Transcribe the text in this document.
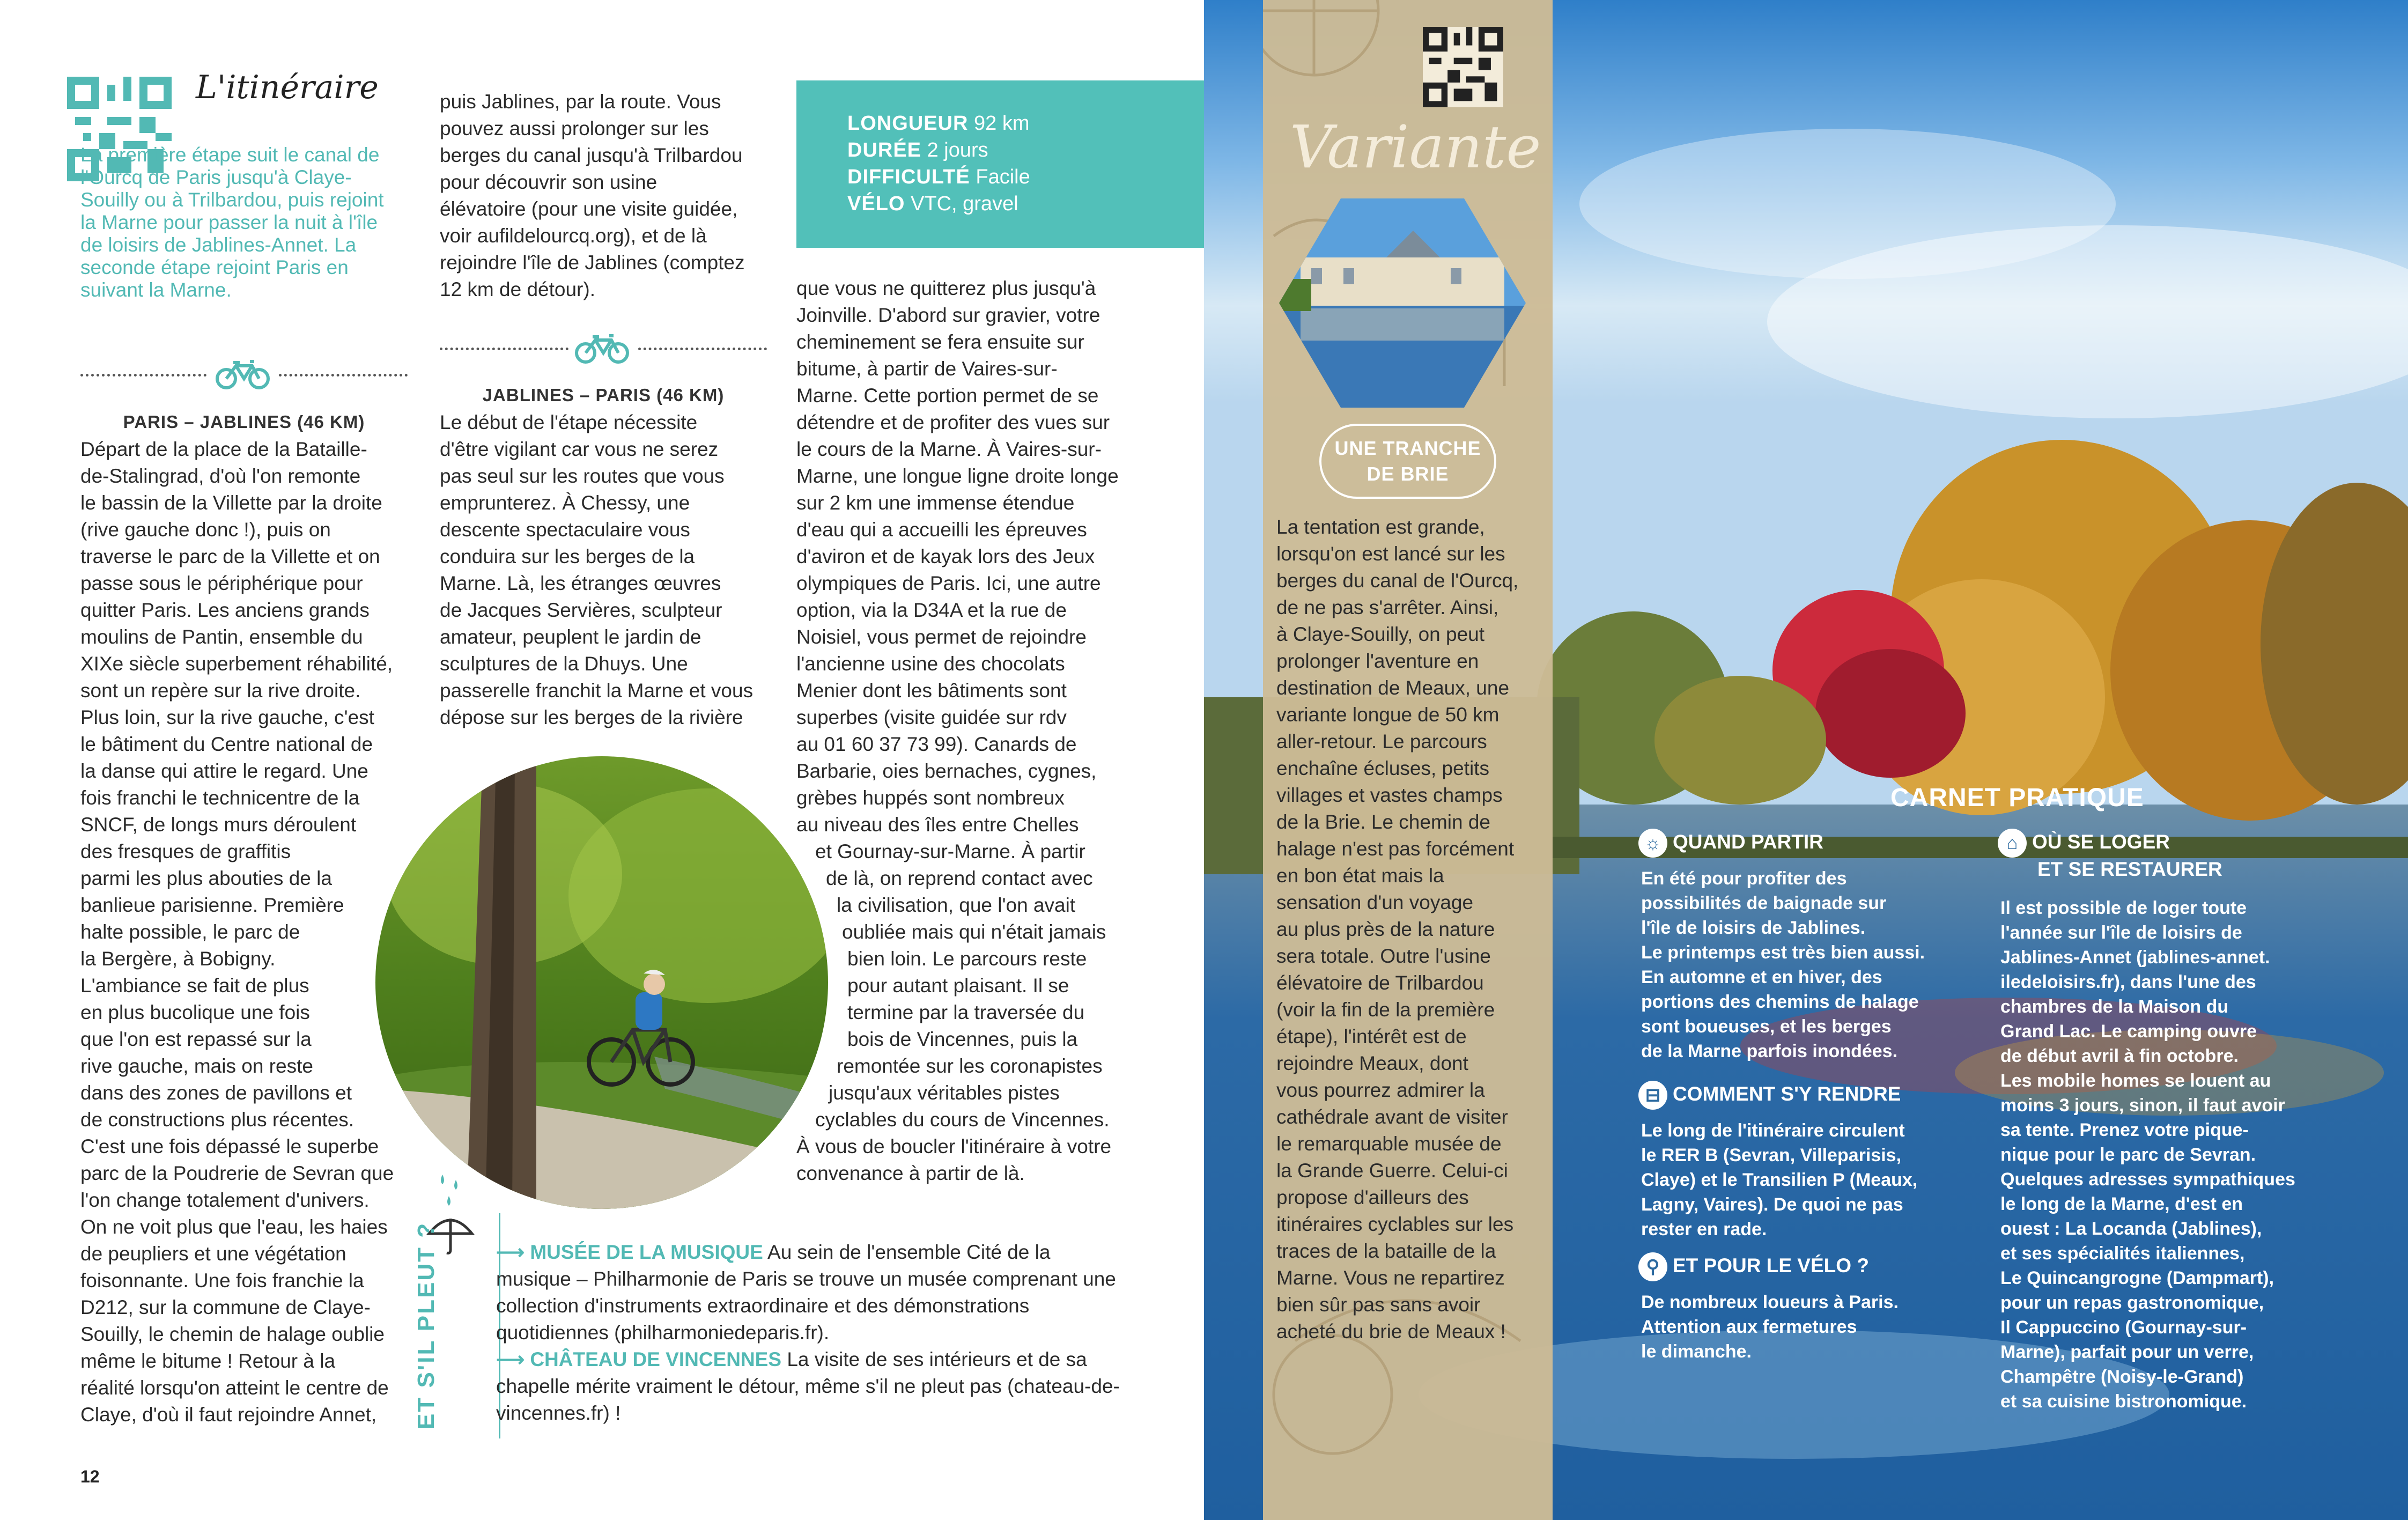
L'itinéraire
La première étape suit le canal de l'Ourcq de Paris jusqu'à Claye-Souilly ou à Trilbardou, puis rejoint la Marne pour passer la nuit à l'île de loisirs de Jablines-Annet. La seconde étape rejoint Paris en suivant la Marne.
PARIS – JABLINES (46 KM)
Départ de la place de la Bataille-
de-Stalingrad, d'où l'on remonte
le bassin de la Villette par la droite
(rive gauche donc !), puis on
traverse le parc de la Villette et on
passe sous le périphérique pour
quitter Paris. Les anciens grands
moulins de Pantin, ensemble du
XIXe siècle superbement réhabilité,
sont un repère sur la rive droite.
Plus loin, sur la rive gauche, c'est
le bâtiment du Centre national de
la danse qui attire le regard. Une
fois franchi le technicentre de la
SNCF, de longs murs déroulent
des fresques de graffitis
parmi les plus abouties de la
banlieue parisienne. Première
halte possible, le parc de
la Bergère, à Bobigny.
L'ambiance se fait de plus
en plus bucolique une fois
que l'on est repassé sur la
rive gauche, mais on reste
dans des zones de pavillons et
de constructions plus récentes.
C'est une fois dépassé le superbe
parc de la Poudrerie de Sevran que
l'on change totalement d'univers.
On ne voit plus que l'eau, les haies
de peupliers et une végétation
foisonnante. Une fois franchie la
D212, sur la commune de Claye-
Souilly, le chemin de halage oublie
même le bitume ! Retour à la
réalité lorsqu'on atteint le centre de
Claye, d'où il faut rejoindre Annet,
puis Jablines, par la route. Vous
pouvez aussi prolonger sur les
berges du canal jusqu'à Trilbardou
pour découvrir son usine
élévatoire (pour une visite guidée,
voir aufildelourcq.org), et de là
rejoindre l'île de Jablines (comptez
12 km de détour).
JABLINES – PARIS (46 KM)
Le début de l'étape nécessite
d'être vigilant car vous ne serez
pas seul sur les routes que vous
emprunterez. À Chessy, une
descente spectaculaire vous
conduira sur les berges de la
Marne. Là, les étranges œuvres
de Jacques Servières, sculpteur
amateur, peuplent le jardin de
sculptures de la Dhuys. Une
passerelle franchit la Marne et vous
dépose sur les berges de la rivière
LONGUEUR 92 km
DURÉE 2 jours
DIFFICULTÉ Facile
VÉLO VTC, gravel
que vous ne quitterez plus jusqu'à
Joinville. D'abord sur gravier, votre
cheminement se fera ensuite sur
bitume, à partir de Vaires-sur-
Marne. Cette portion permet de se
détendre et de profiter des vues sur
le cours de la Marne. À Vaires-sur-
Marne, une longue ligne droite longe
sur 2 km une immense étendue
d'eau qui a accueilli les épreuves
d'aviron et de kayak lors des Jeux
olympiques de Paris. Ici, une autre
option, via la D34A et la rue de
Noisiel, vous permet de rejoindre
l'ancienne usine des chocolats
Menier dont les bâtiments sont
superbes (visite guidée sur rdv
au 01 60 37 73 99). Canards de
Barbarie, oies bernaches, cygnes,
grèbes huppés sont nombreux
au niveau des îles entre Chelles
et Gournay-sur-Marne. À partir
de là, on reprend contact avec
la civilisation, que l'on avait
oubliée mais qui n'était jamais
bien loin. Le parcours reste
pour autant plaisant. Il se
termine par la traversée du
bois de Vincennes, puis la
remontée sur les coronapistes
jusqu'aux véritables pistes
cyclables du cours de Vincennes.
À vous de boucler l'itinéraire à votre
convenance à partir de là.
ET S'IL PLEUT ?	⟶ MUSÉE DE LA MUSIQUE Au sein de l'ensemble Cité de la musique – Philharmonie de Paris se trouve un musée comprenant une collection d'instruments extraordinaire et des démonstrations quotidiennes (philharmoniedeparis.fr).
⟶ CHÂTEAU DE VINCENNES La visite de ses intérieurs et de sa chapelle mérite vraiment le détour, même s'il ne pleut pas (chateau-de-vincennes.fr) !
12
Variante
UNE TRANCHE DE BRIE
La tentation est grande,
lorsqu'on est lancé sur les
berges du canal de l'Ourcq,
de ne pas s'arrêter. Ainsi,
à Claye-Souilly, on peut
prolonger l'aventure en
destination de Meaux, une
variante longue de 50 km
aller-retour. Le parcours
enchaîne écluses, petits
villages et vastes champs
de la Brie. Le chemin de
halage n'est pas forcément
en bon état mais la
sensation d'un voyage
au plus près de la nature
sera totale. Outre l'usine
élévatoire de Trilbardou
(voir la fin de la première
étape), l'intérêt est de
rejoindre Meaux, dont
vous pourrez admirer la
cathédrale avant de visiter
le remarquable musée de
la Grande Guerre. Celui-ci
propose d'ailleurs des
itinéraires cyclables sur les
traces de la bataille de la
Marne. Vous ne repartirez
bien sûr pas sans avoir
acheté du brie de Meaux !
CARNET PRATIQUE
☼ QUAND PARTIR
En été pour profiter des
possibilités de baignade sur
l'île de loisirs de Jablines.
Le printemps est très bien aussi.
En automne et en hiver, des
portions des chemins de halage
sont boueuses, et les berges
de la Marne parfois inondées.
⊟ COMMENT S'Y RENDRE
Le long de l'itinéraire circulent
le RER B (Sevran, Villeparisis,
Claye) et le Transilien P (Meaux,
Lagny, Vaires). De quoi ne pas
rester en rade.
⚲ ET POUR LE VÉLO ?
De nombreux loueurs à Paris.
Attention aux fermetures
le dimanche.
⌂ OÙ SE LOGER
ET SE RESTAURER
Il est possible de loger toute
l'année sur l'île de loisirs de
Jablines-Annet (jablines-annet.
iledeloisirs.fr), dans l'une des
chambres de la Maison du
Grand Lac. Le camping ouvre
de début avril à fin octobre.
Les mobile homes se louent au
moins 3 jours, sinon, il faut avoir
sa tente. Prenez votre pique-
nique pour le parc de Sevran.
Quelques adresses sympathiques
le long de la Marne, d'est en
ouest : La Locanda (Jablines),
et ses spécialités italiennes,
Le Quincangrogne (Dampmart),
pour un repas gastronomique,
Il Cappuccino (Gournay-sur-
Marne), parfait pour un verre,
Champêtre (Noisy-le-Grand)
et sa cuisine bistronomique.
